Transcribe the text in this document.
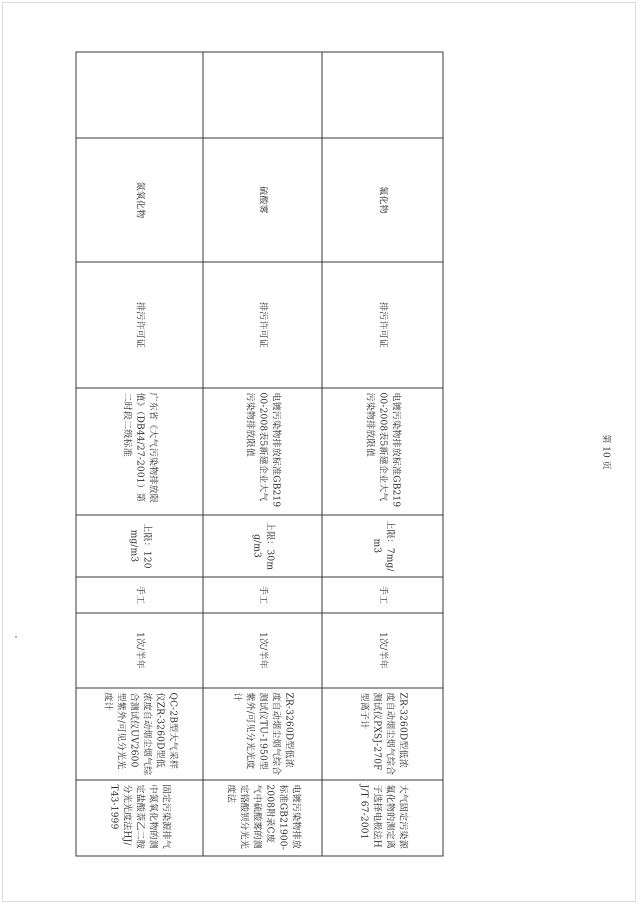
	氟化物	排污许可证	电镀污染物排放标准GB21900-2008表5新建企业大气污染物排放限值	上限：7mg/m3	手工	1次/半年	ZR-3260D型低浓度自动烟尘烟气综合测试仪PXSJ-270F型离子计	大气固定污染源氟化物的测定离子选择电极法HJ/T 67-2001
	硫酸雾	排污许可证	电镀污染物排放标准GB21900-2008表5新建企业大气污染物排放限值	上限：30mg/m3	手工	1次/半年	ZR-3260D型低浓度自动烟尘烟气综合测试仪TU-1950型紫外/可见分光光度计	电镀污染物排放标准GB21900-2008附录C废气中硫酸雾的测定铬酸钡分光光度法
	氮氧化物	排污许可证	广东省《大气污染物排放限值》（DB44/27-2001）第二时段二级标准	上限：120mg/m3	手工	1次/半年	QC-2B型大气采样仪ZR-3260D型低浓度自动烟尘烟气综合测试仪UV2600型紫外/可见分光光度计	固定污染源排气中氮氧化物的测定盐酸萘乙二胺分光光度法HJ/T43-1999
第 10 页
